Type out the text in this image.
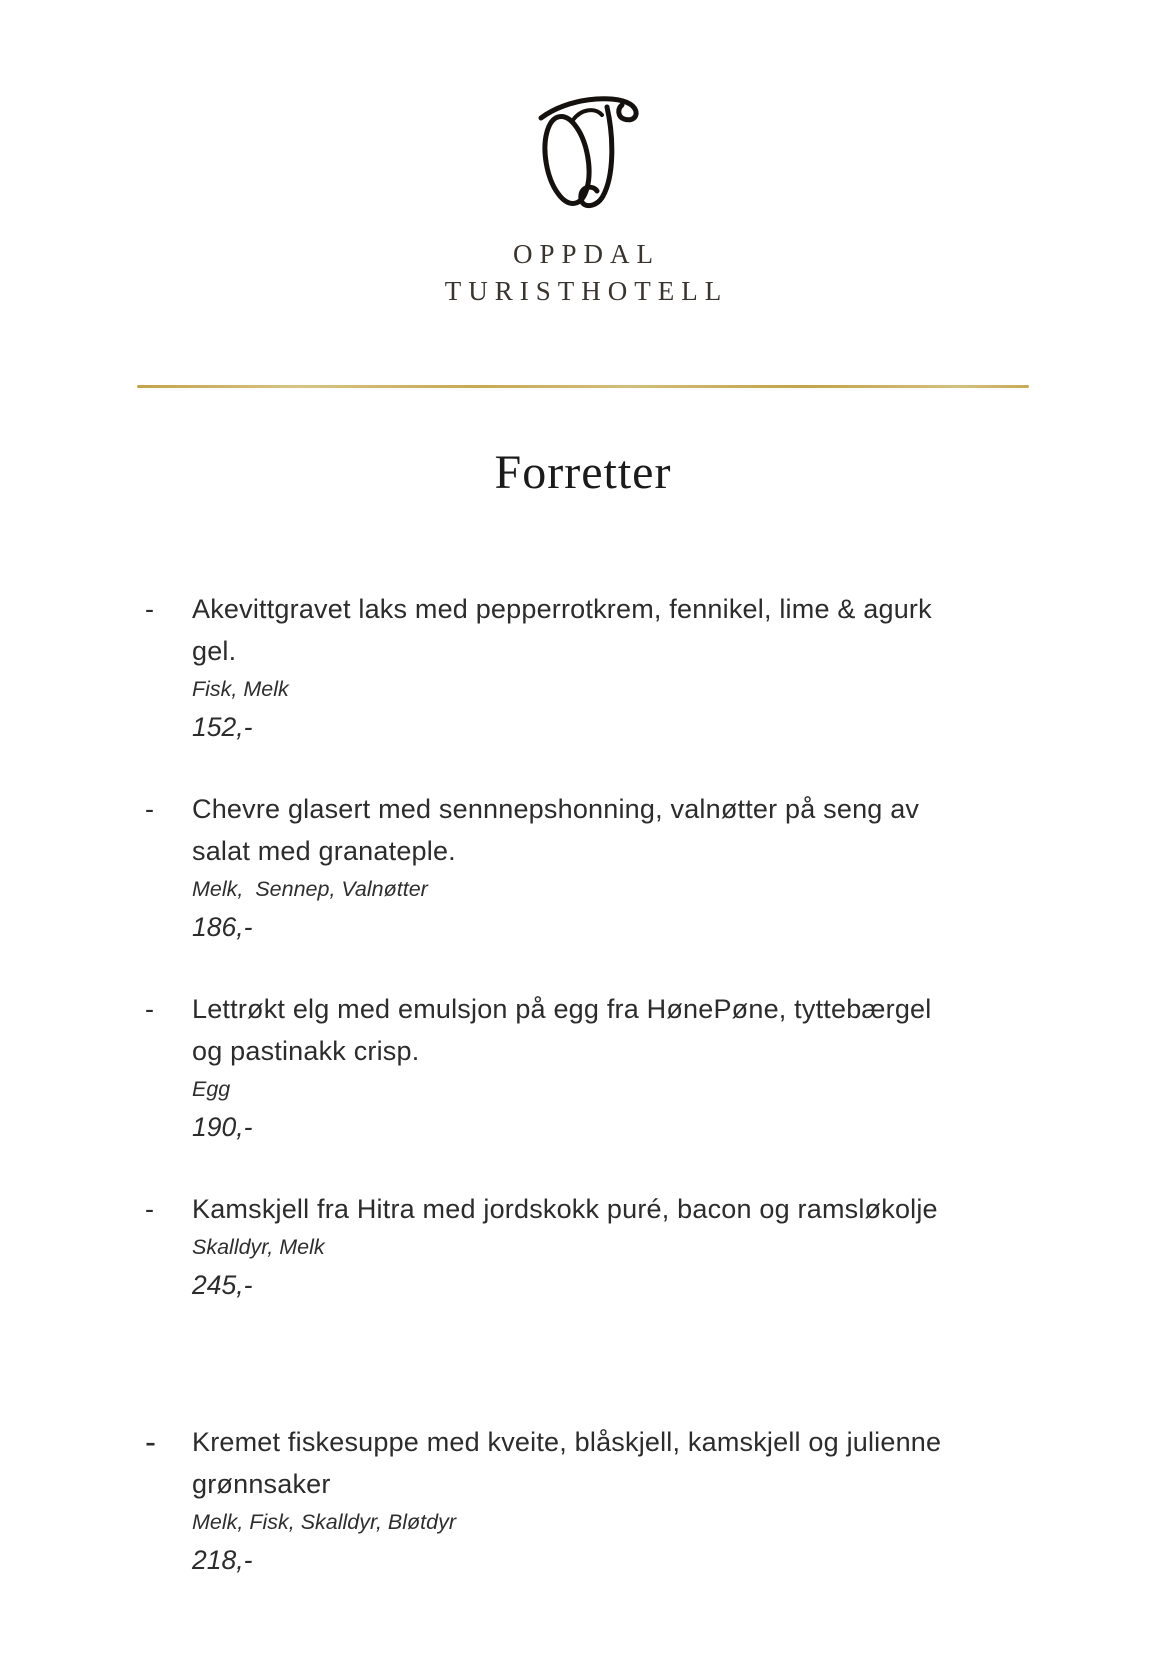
OPPDAL
TURISTHOTELL
Forretter
-	Akevittgravet laks med pepperrotkrem, fennikel, lime & agurk
gel.
Fisk, Melk
152,-
-	Chevre glasert med sennnepshonning, valnøtter på seng av
salat med granateple.
Melk,  Sennep, Valnøtter
186,-
-	Lettrøkt elg med emulsjon på egg fra HønePøne, tyttebærgel
og pastinakk crisp.
Egg
190,-
-	Kamskjell fra Hitra med jordskokk puré, bacon og ramsløkolje
Skalldyr, Melk
245,-
-	Kremet fiskesuppe med kveite, blåskjell, kamskjell og julienne
grønnsaker
Melk, Fisk, Skalldyr, Bløtdyr
218,-
